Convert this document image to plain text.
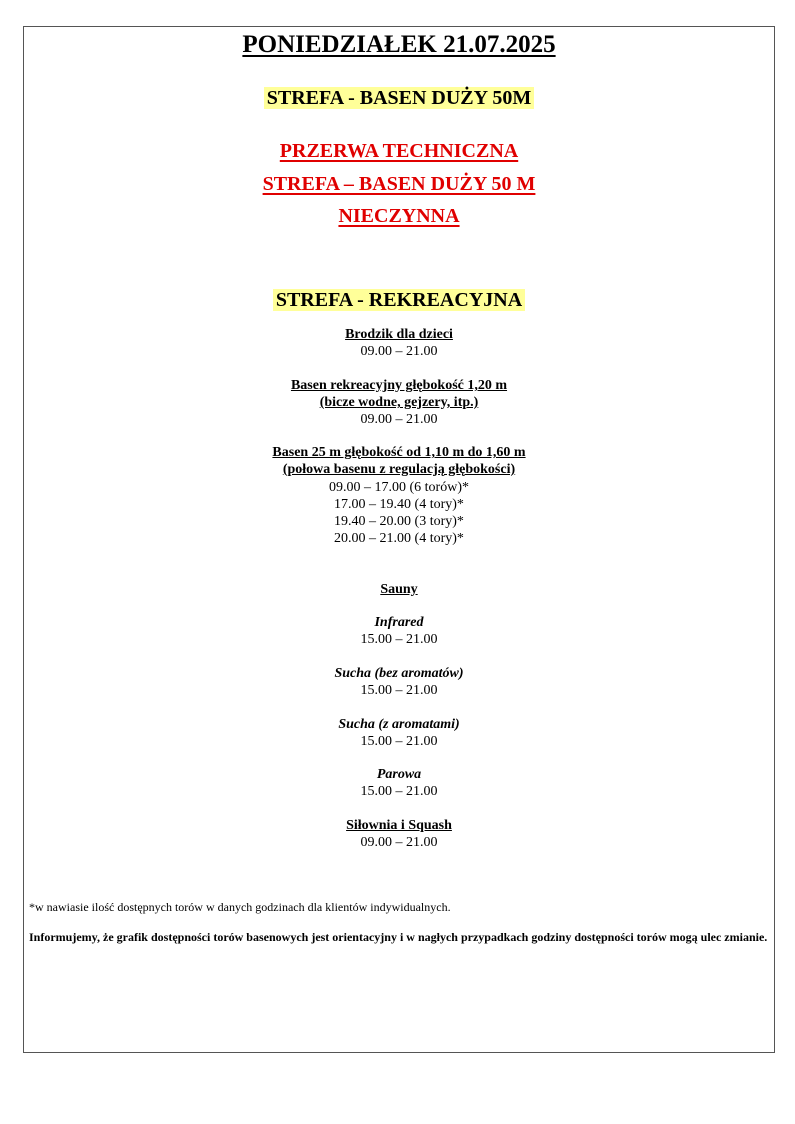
PONIEDZIAŁEK 21.07.2025
STREFA - BASEN DUŻY 50M
PRZERWA TECHNICZNA
STREFA – BASEN DUŻY 50 M
NIECZYNNA
STREFA - REKREACYJNA
Brodzik dla dzieci
09.00 – 21.00
Basen rekreacyjny głębokość 1,20 m
(bicze wodne, gejzery, itp.)
09.00 – 21.00
Basen 25 m głębokość od 1,10 m do 1,60 m
(połowa basenu z regulacją głębokości)
09.00 – 17.00 (6 torów)*
17.00 – 19.40 (4 tory)*
19.40 – 20.00 (3 tory)*
20.00 – 21.00 (4 tory)*
Sauny
Infrared
15.00 – 21.00
Sucha (bez aromatów)
15.00 – 21.00
Sucha (z aromatami)
15.00 – 21.00
Parowa
15.00 – 21.00
Siłownia i Squash
09.00 – 21.00
*w nawiasie ilość dostępnych torów w danych godzinach dla klientów indywidualnych.
Informujemy, że grafik dostępności torów basenowych jest orientacyjny i w nagłych przypadkach godziny dostępności torów mogą ulec zmianie.
